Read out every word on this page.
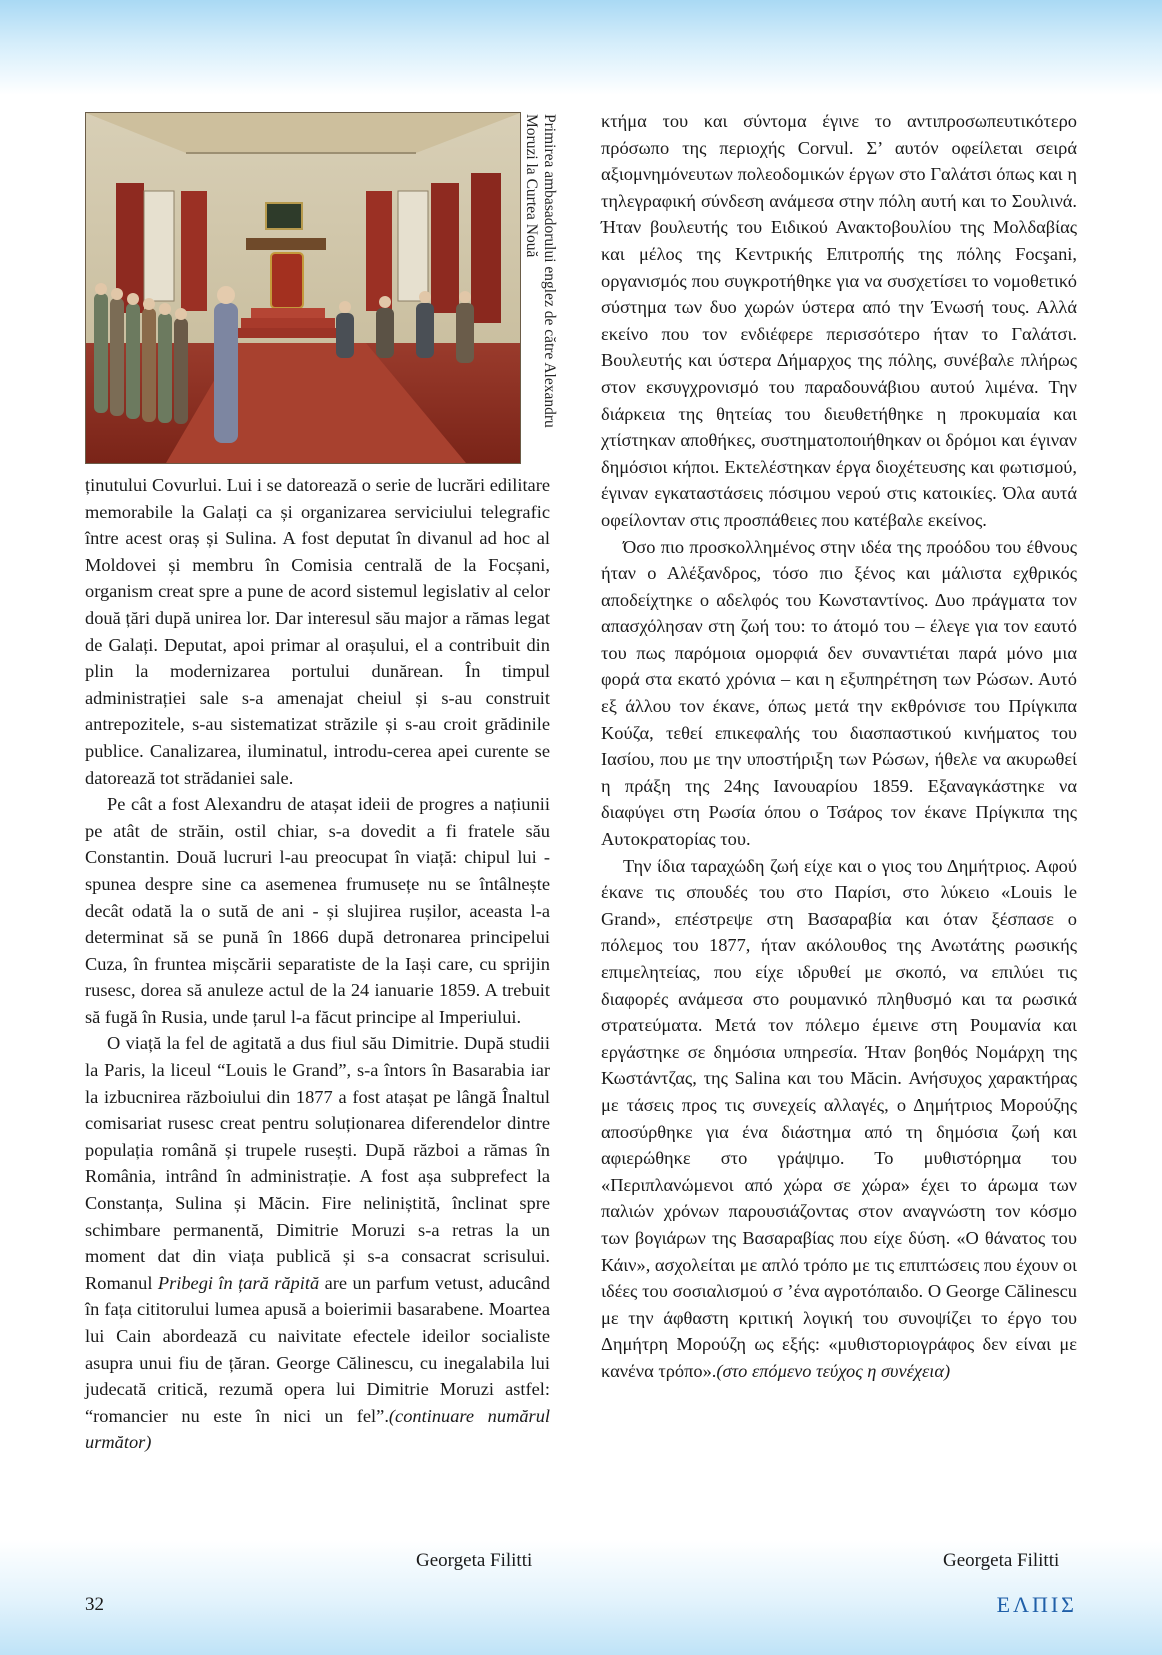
Primirea ambasadorului englez de către Alexandru Moruzi la Curtea Nouă

ținutului Covurlui. Lui i se datorează o serie de lucrări edilitare memorabile la Galați ca și organizarea serviciului telegrafic între acest oraș și Sulina. A fost deputat în divanul ad hoc al Moldovei și membru în Comisia centrală de la Focșani, organism creat spre a pune de acord sistemul legislativ al celor două țări după unirea lor. Dar interesul său major a rămas legat de Galați. Deputat, apoi primar al orașului, el a contribuit din plin la modernizarea portului dunărean. În timpul administrației sale s-a amenajat cheiul și s-au construit antrepozitele, s-au sistematizat străzile și s-au croit grădinile publice. Canalizarea, iluminatul, introdu-cerea apei curente se datorează tot strădaniei sale.

Pe cât a fost Alexandru de atașat ideii de progres a națiunii pe atât de străin, ostil chiar, s-a dovedit a fi fratele său Constantin. Două lucruri l-au preocupat în viață: chipul lui - spunea despre sine ca asemenea frumusețe nu se întâlnește decât odată la o sută de ani - și slujirea rușilor, aceasta l-a determinat să se pună în 1866 după detronarea principelui Cuza, în fruntea mișcării separatiste de la Iași care, cu sprijin rusesc, dorea să anuleze actul de la 24 ianuarie 1859. A trebuit să fugă în Rusia, unde țarul l-a făcut principe al Imperiului.

O viață la fel de agitată a dus fiul său Dimitrie. După studii la Paris, la liceul “Louis le Grand”, s-a întors în Basarabia iar la izbucnirea războiului din 1877 a fost atașat pe lângă Înaltul comisariat rusesc creat pentru soluționarea diferendelor dintre populația română și trupele rusești. După război a rămas în România, intrând în administrație. A fost așa subprefect la Constanța, Sulina și Măcin. Fire neliniștită, înclinat spre schimbare permanentă, Dimitrie Moruzi s-a retras la un moment dat din viața publică și s-a consacrat scrisului. Romanul Pribegi în țară răpită are un parfum vetust, aducând în fața cititorului lumea apusă a boierimii basarabene. Moartea lui Cain abordează cu naivitate efectele ideilor socialiste asupra unui fiu de țăran. George Călinescu, cu inegalabila lui judecată critică, rezumă opera lui Dimitrie Moruzi astfel: “romancier nu este în nici un fel”.(continuare numărul următor)

κτήμα του και σύντομα έγινε το αντιπροσωπευτικότερο πρόσωπο της περιοχής Corvul. Σ’ αυτόν οφείλεται σειρά αξιομνημόνευτων πολεοδομικών έργων στο Γαλάτσι όπως και η τηλεγραφική σύνδεση ανάμεσα στην πόλη αυτή και το Σουλινά. Ήταν βουλευτής του Ειδικού Ανακτοβουλίου της Μολδαβίας και μέλος της Κεντρικής Επιτροπής της πόλης Focşani, οργανισμός που συγκροτήθηκε για να συσχετίσει το νομοθετικό σύστημα των δυο χωρών ύστερα από την Ένωσή τους. Αλλά εκείνο που τον ενδιέφερε περισσότερο ήταν το Γαλάτσι. Βουλευτής και ύστερα Δήμαρχος της πόλης, συνέβαλε πλήρως στον εκσυγχρονισμό του παραδουνάβιου αυτού λιμένα. Την διάρκεια της θητείας του διευθετήθηκε η προκυμαία και χτίστηκαν αποθήκες, συστηματοποιήθηκαν οι δρόμοι και έγιναν δημόσιοι κήποι. Εκτελέστηκαν έργα διοχέτευσης και φωτισμού, έγιναν εγκαταστάσεις πόσιμου νερού στις κατοικίες. Όλα αυτά οφείλονταν στις προσπάθειες που κατέβαλε εκείνος.

Όσο πιο προσκολλημένος στην ιδέα της προόδου του έθνους ήταν ο Αλέξανδρος, τόσο πιο ξένος και μάλιστα εχθρικός αποδείχτηκε ο αδελφός του Κωνσταντίνος. Δυο πράγματα τον απασχόλησαν στη ζωή του: το άτομό του – έλεγε για τον εαυτό του πως παρόμοια ομορφιά δεν συναντιέται παρά μόνο μια φορά στα εκατό χρόνια – και η εξυπηρέτηση των Ρώσων. Αυτό εξ άλλου τον έκανε, όπως μετά την εκθρόνισε του Πρίγκιπα Κούζα, τεθεί επικεφαλής του διασπαστικού κινήματος του Ιασίου, που με την υποστήριξη των Ρώσων, ήθελε να ακυρωθεί η πράξη της 24ης Ιανουαρίου 1859. Εξαναγκάστηκε να διαφύγει στη Ρωσία όπου ο Τσάρος τον έκανε Πρίγκιπα της Αυτοκρατορίας του.

Την ίδια ταραχώδη ζωή είχε και ο γιος του Δημήτριος. Αφού έκανε τις σπουδές του στο Παρίσι, στο λύκειο «Louis le Grand», επέστρεψε στη Βασαραβία και όταν ξέσπασε ο πόλεμος του 1877, ήταν ακόλουθος της Ανωτάτης ρωσικής επιμελητείας, που είχε ιδρυθεί με σκοπό, να επιλύει τις διαφορές ανάμεσα στο ρουμανικό πληθυσμό και τα ρωσικά στρατεύματα. Μετά τον πόλεμο έμεινε στη Ρουμανία και εργάστηκε σε δημόσια υπηρεσία. Ήταν βοηθός Νομάρχη της Κωστάντζας, της Salina και του Măcin. Ανήσυχος χαρακτήρας με τάσεις προς τις συνεχείς αλλαγές, ο Δημήτριος Μορούζης αποσύρθηκε για ένα διάστημα από τη δημόσια ζωή και αφιερώθηκε στο γράψιμο. Το μυθιστόρημα του «Περιπλανώμενοι από χώρα σε χώρα» έχει το άρωμα των παλιών χρόνων παρουσιάζοντας στον αναγνώστη τον κόσμο των βογιάρων της Βασαραβίας που είχε δύση. «Ο θάνατος του Κάιν», ασχολείται με απλό τρόπο με τις επιπτώσεις που έχουν οι ιδέες του σοσιαλισμού σ ’ένα αγροτόπαιδο. Ο George Călinescu με την άφθαστη κριτική λογική του συνοψίζει το έργο του Δημήτρη Μορούζη ως εξής: «μυθιστοριογράφος δεν είναι με κανένα τρόπο».(στο επόμενο τεύχος η συνέχεια)

Georgeta Filitti	Georgeta Filitti
32	ΕΛΠΙΣ
